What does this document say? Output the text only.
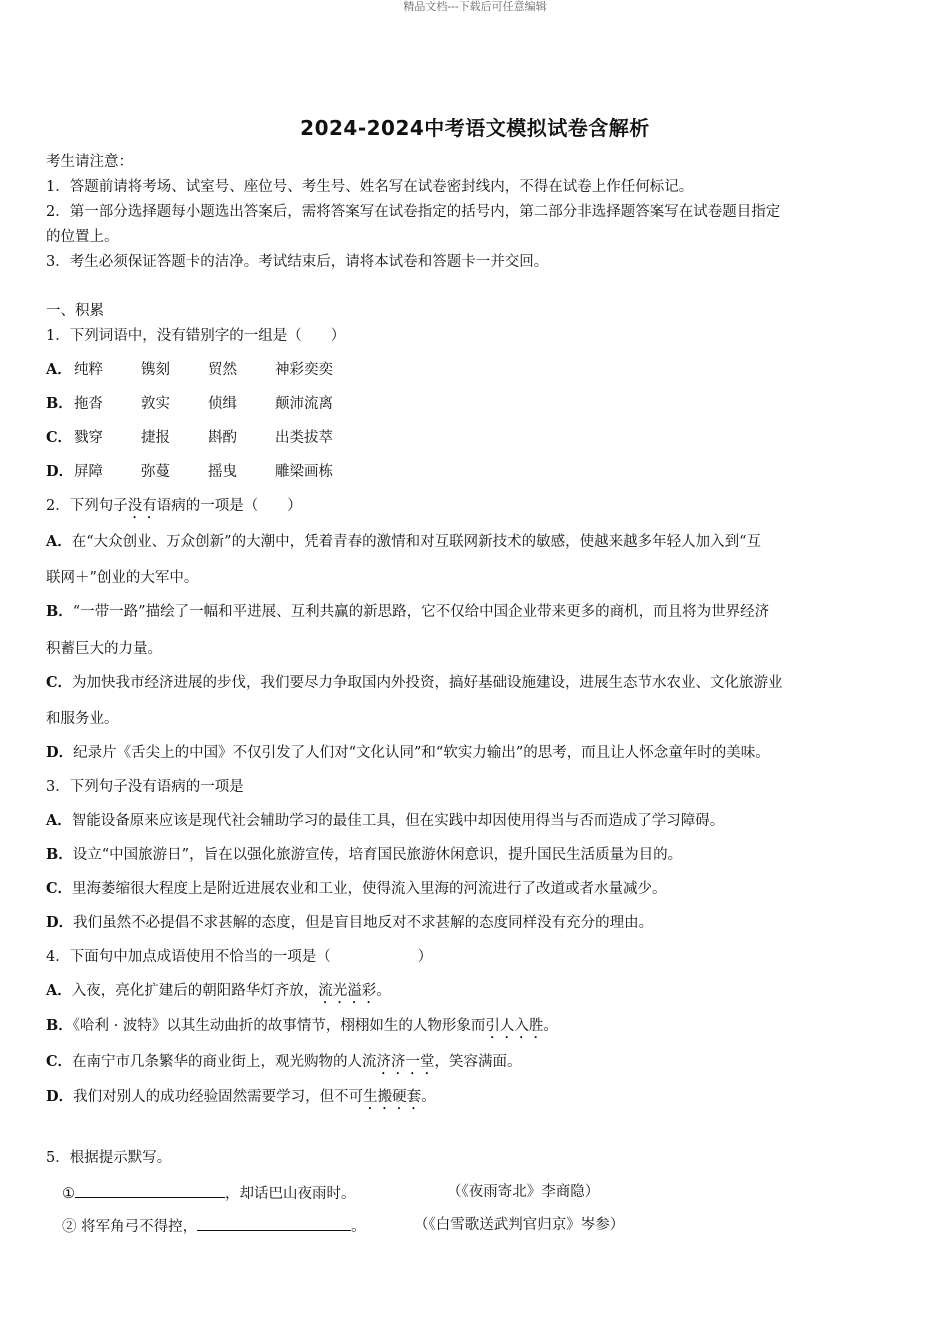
精品文档---下载后可任意编辑
2024-2024中考语文模拟试卷含解析
考生请注意：
1．答题前请将考场、试室号、座位号、考生号、姓名写在试卷密封线内，不得在试卷上作任何标记。
2．第一部分选择题每小题选出答案后，需将答案写在试卷指定的括号内，第二部分非选择题答案写在试卷题目指定
的位置上。
3．考生必须保证答题卡的洁净。考试结束后，请将本试卷和答题卡一并交回。
一、积累
1．下列词语中，没有错别字的一组是（　　）
A． 纯粹	镌刻	贸然	神彩奕奕
B． 拖沓	敦实	侦缉	颠沛流离
C． 戮穿	捷报	斟酌	出类拔萃
D． 屏障	弥蔓	摇曳	雕梁画栋
2．下列句子没有语病的一项是（　　）
A．在“大众创业、万众创新”的大潮中，凭着青春的激情和对互联网新技术的敏感，使越来越多年轻人加入到“互
联网＋”创业的大军中。
B．“一带一路”描绘了一幅和平进展、互利共赢的新思路，它不仅给中国企业带来更多的商机，而且将为世界经济
积蓄巨大的力量。
C．为加快我市经济进展的步伐，我们要尽力争取国内外投资，搞好基础设施建设，进展生态节水农业、文化旅游业
和服务业。
D．纪录片《舌尖上的中国》不仅引发了人们对“文化认同”和“软实力输出”的思考，而且让人怀念童年时的美味。
3．下列句子没有语病的一项是
A．智能设备原来应该是现代社会辅助学习的最佳工具，但在实践中却因使用得当与否而造成了学习障碍。
B．设立“中国旅游日”，旨在以强化旅游宣传，培育国民旅游休闲意识，提升国民生活质量为目的。
C．里海萎缩很大程度上是附近进展农业和工业，使得流入里海的河流进行了改道或者水量减少。
D．我们虽然不必提倡不求甚解的态度，但是盲目地反对不求甚解的态度同样没有充分的理由。
4．下面句中加点成语使用不恰当的一项是（　　　　　　）
A．入夜，亮化扩建后的朝阳路华灯齐放，流光溢彩。
B．《哈利 · 波特》以其生动曲折的故事情节，栩栩如生的人物形象而引人入胜。
C．在南宁市几条繁华的商业街上，观光购物的人流济济一堂，笑容满面。
D．我们对别人的成功经验固然需要学习，但不可生搬硬套。
5．根据提示默写。
①	，却话巴山夜雨时。	（《夜雨寄北》李商隐）
② 将军角弓不得控，	。	（《白雪歌送武判官归京》岑参）
